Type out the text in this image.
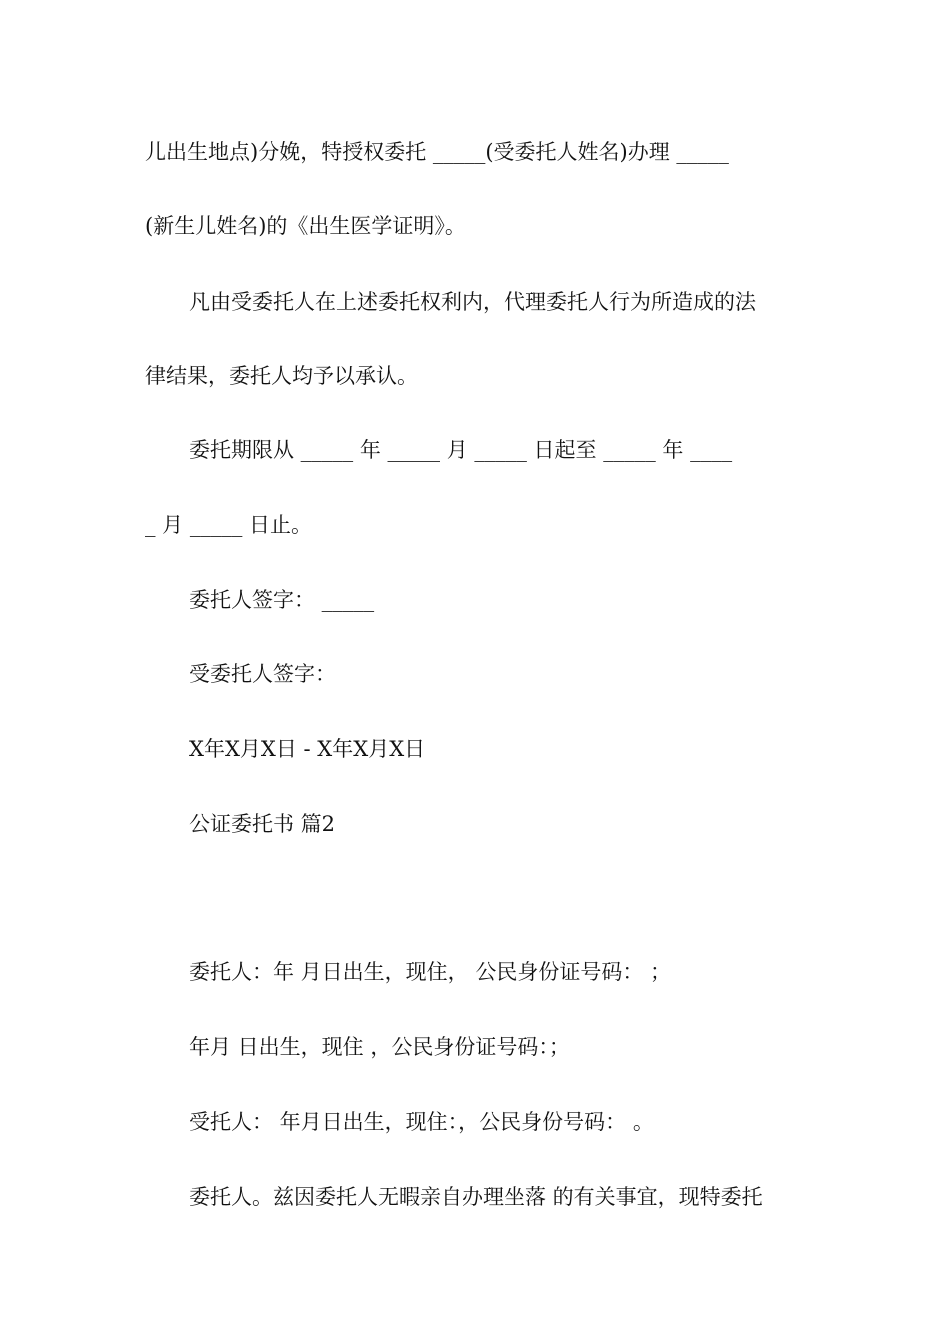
儿出生地点)分娩，特授权委托 _____(受委托人姓名)办理 _____
(新生儿姓名)的《出生医学证明》。
凡由受委托人在上述委托权利内，代理委托人行为所造成的法
律结果，委托人均予以承认。
委托期限从 _____ 年 _____ 月 _____ 日起至 _____ 年 ____
_ 月 _____ 日止。
委托人签字： _____
受委托人签字：
X年X月X日 - X年X月X日
公证委托书 篇2
委托人：年 月日出生，现住， 公民身份证号码： ；
年月 日出生，现住 ，公民身份证号码：；
受托人： 年月日出生，现住：，公民身份号码： 。
委托人。兹因委托人无暇亲自办理坐落 的有关事宜，现特委托
